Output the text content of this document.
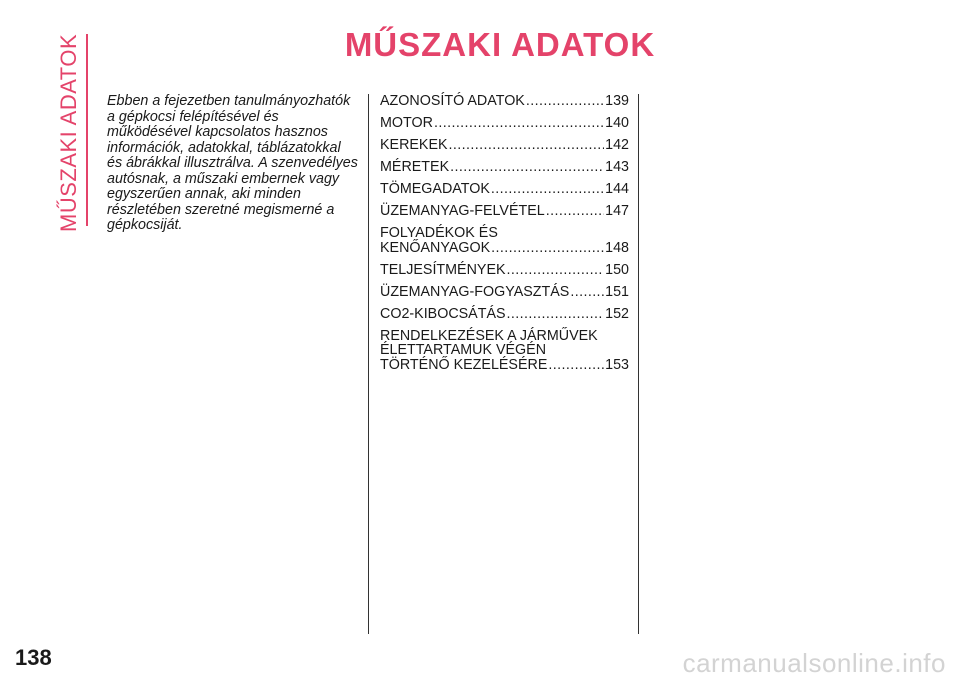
MŰSZAKI ADATOK	MŰSZAKI ADATOK

Ebben a fejezetben tanulmányozhatók a gépkocsi felépítésével és működésével kapcsolatos hasznos információk, adatokkal, táblázatokkal és ábrákkal illusztrálva. A szenvedélyes autósnak, a műszaki embernek vagy egyszerűen annak, aki minden részletében szeretné megismerné a gépkocsiját.

AZONOSÍTÓ ADATOK .....	139
MOTOR .....	140
KEREKEK .....	142
MÉRETEK .....	143
TÖMEGADATOK .....	144
ÜZEMANYAG-FELVÉTEL .....	147
FOLYADÉKOK ÉS
KENŐANYAGOK .....	148
TELJESÍTMÉNYEK .....	150
ÜZEMANYAG-FOGYASZTÁS .....	151
CO2-KIBOCSÁTÁS .....	152
RENDELKEZÉSEK A JÁRMŰVEK
ÉLETTARTAMUK VÉGÉN
TÖRTÉNŐ KEZELÉSÉRE .....	153
138	carmanualsonline.info
